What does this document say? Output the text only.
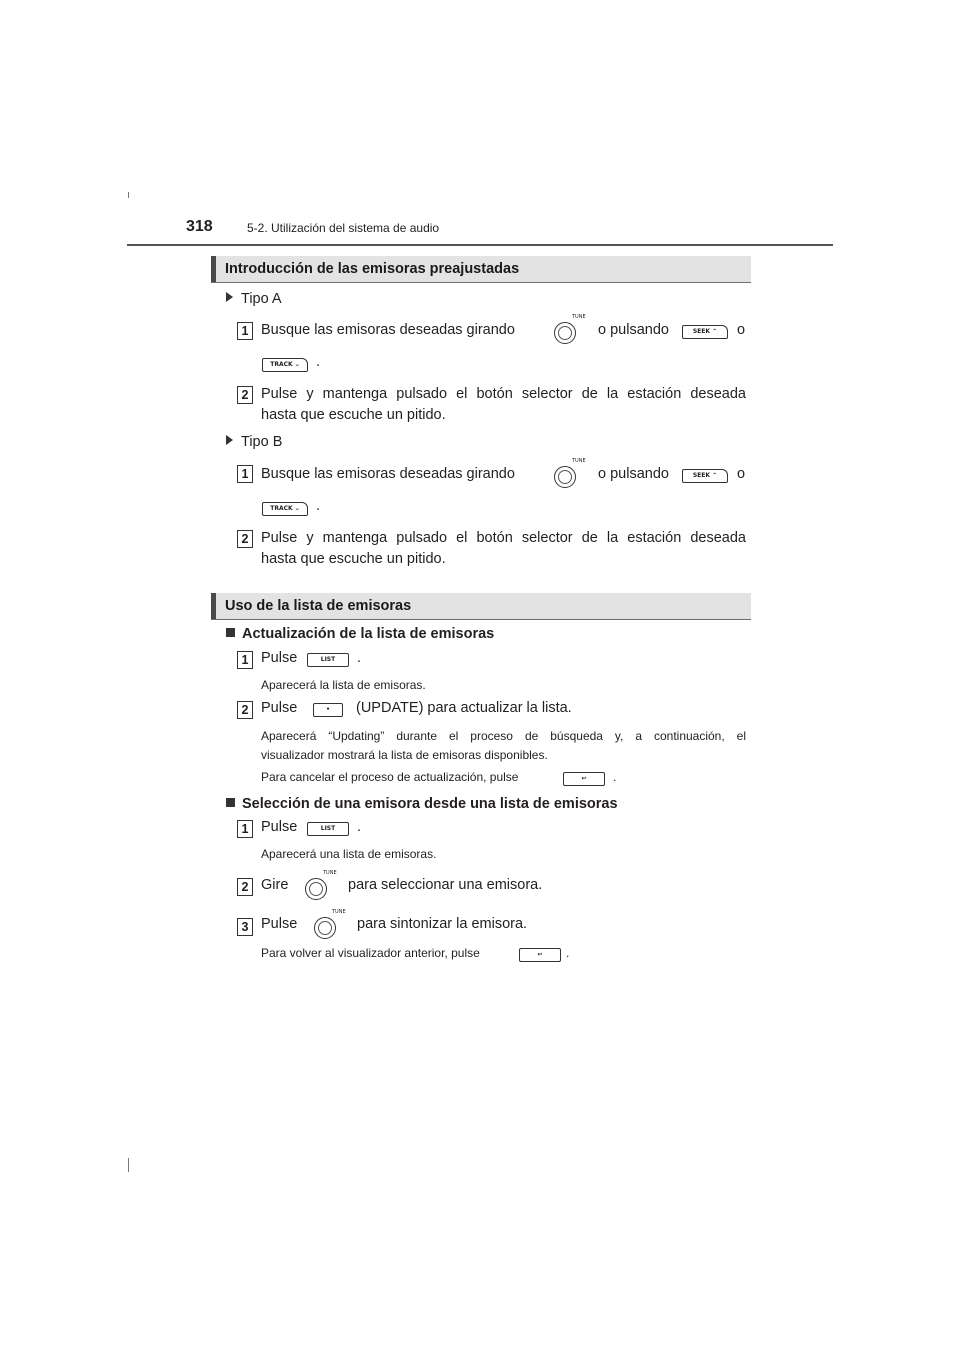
318	5-2. Utilización del sistema de audio
Introducción de las emisoras preajustadas
Tipo A
1 Busque las emisoras deseadas girando
TUNE
o pulsando	SEEK ⌃	o
TRACK ⌄	.
2 Pulse y mantenga pulsado el botón selector de la estación deseada
hasta que escuche un pitido.
Tipo B
1 Busque las emisoras deseadas girando
TUNE
o pulsando	SEEK ⌃	o
TRACK ⌄	.
2 Pulse y mantenga pulsado el botón selector de la estación deseada
hasta que escuche un pitido.
Uso de la lista de emisoras
Actualización de la lista de emisoras
1 Pulse	LIST	.
Aparecerá la lista de emisoras.
2 Pulse	•	(UPDATE) para actualizar la lista.
Aparecerá “Updating” durante el proceso de búsqueda y, a continuación, el
visualizador mostrará la lista de emisoras disponibles.
Para cancelar el proceso de actualización, pulse	↩	.
Selección de una emisora desde una lista de emisoras
1 Pulse	LIST	.
Aparecerá una lista de emisoras.
2 Gire
TUNE
para seleccionar una emisora.
3 Pulse
TUNE
para sintonizar la emisora.
Para volver al visualizador anterior, pulse	↩	.
